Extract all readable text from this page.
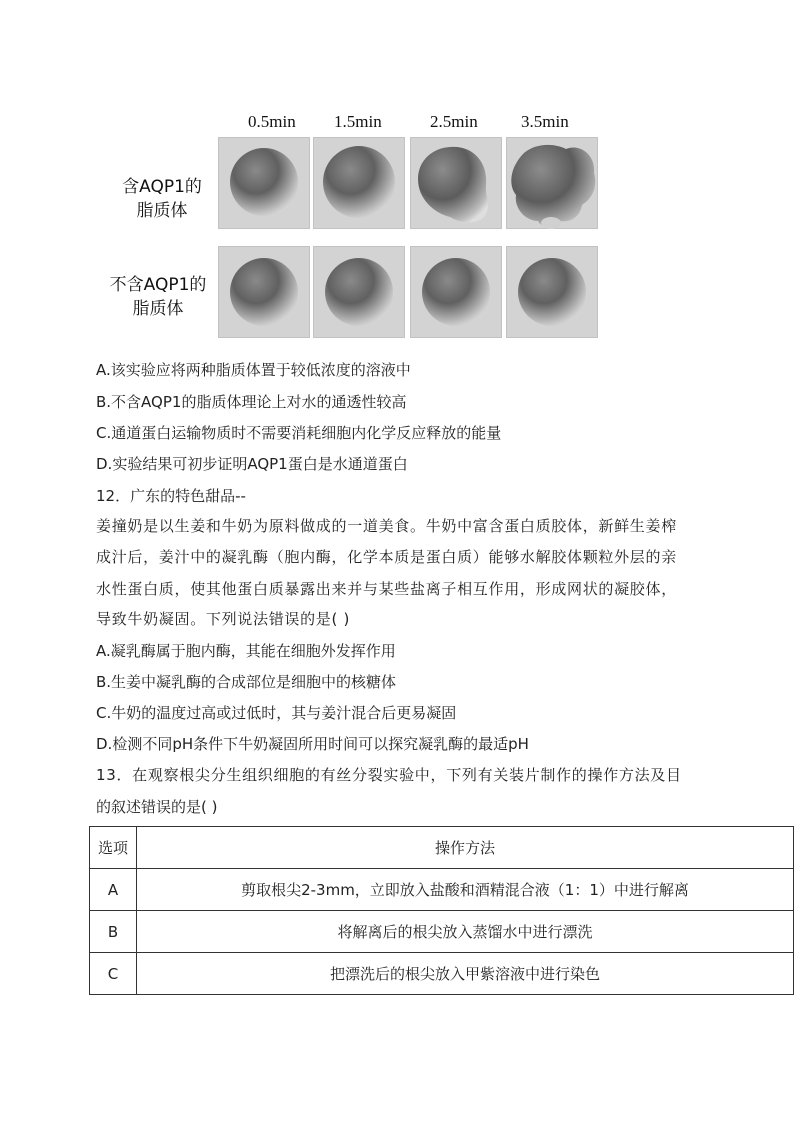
0.5min 1.5min	2.5min	3.5min
含AQP1的
脂质体
不含AQP1的
脂质体
A.该实验应将两种脂质体置于较低浓度的溶液中
B.不含AQP1的脂质体理论上对水的通透性较高
C.通道蛋白运输物质时不需要消耗细胞内化学反应释放的能量
D.实验结果可初步证明AQP1蛋白是水通道蛋白
12．广东的特色甜品--
姜撞奶是以生姜和牛奶为原料做成的一道美食。牛奶中富含蛋白质胶体，新鲜生姜榨
成汁后，姜汁中的凝乳酶（胞内酶，化学本质是蛋白质）能够水解胶体颗粒外层的亲
水性蛋白质，使其他蛋白质暴露出来并与某些盐离子相互作用，形成网状的凝胶体，
导致牛奶凝固。下列说法错误的是( )
A.凝乳酶属于胞内酶，其能在细胞外发挥作用
B.生姜中凝乳酶的合成部位是细胞中的核糖体
C.牛奶的温度过高或过低时，其与姜汁混合后更易凝固
D.检测不同pH条件下牛奶凝固所用时间可以探究凝乳酶的最适pH
13．在观察根尖分生组织细胞的有丝分裂实验中，下列有关装片制作的操作方法及目
的叙述错误的是( )
选项	操作方法
A	剪取根尖2-3mm，立即放入盐酸和酒精混合液（1：1）中进行解离
B	将解离后的根尖放入蒸馏水中进行漂洗
C	把漂洗后的根尖放入甲紫溶液中进行染色
